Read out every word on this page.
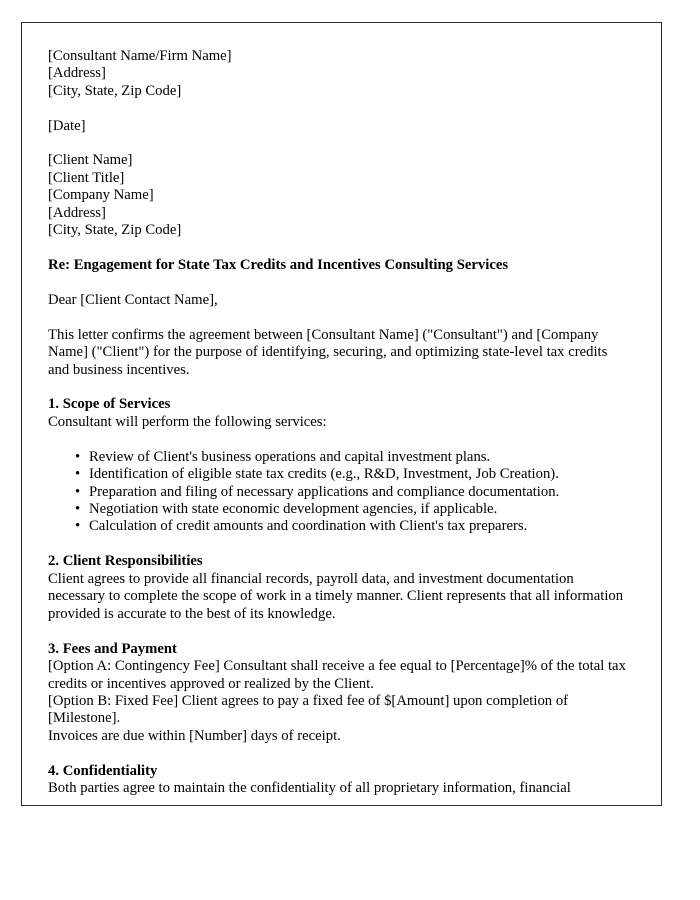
[Consultant Name/Firm Name]
[Address]
[City, State, Zip Code]
[Date]
[Client Name]
[Client Title]
[Company Name]
[Address]
[City, State, Zip Code]

Re: Engagement for State Tax Credits and Incentives Consulting Services

Dear [Client Contact Name],

This letter confirms the agreement between [Consultant Name] ("Consultant") and [Company Name] ("Client") for the purpose of identifying, securing, and optimizing state-level tax credits and business incentives.

1. Scope of Services

Consultant will perform the following services:

• Review of Client's business operations and capital investment plans.
• Identification of eligible state tax credits (e.g., R&D, Investment, Job Creation).
• Preparation and filing of necessary applications and compliance documentation.
• Negotiation with state economic development agencies, if applicable.
• Calculation of credit amounts and coordination with Client's tax preparers.

2. Client Responsibilities

Client agrees to provide all financial records, payroll data, and investment documentation necessary to complete the scope of work in a timely manner. Client represents that all information provided is accurate to the best of its knowledge.

3. Fees and Payment

[Option A: Contingency Fee] Consultant shall receive a fee equal to [Percentage]% of the total tax credits or incentives approved or realized by the Client.

[Option B: Fixed Fee] Client agrees to pay a fixed fee of $[Amount] upon completion of [Milestone].

Invoices are due within [Number] days of receipt.

4. Confidentiality

Both parties agree to maintain the confidentiality of all proprietary information, financial
